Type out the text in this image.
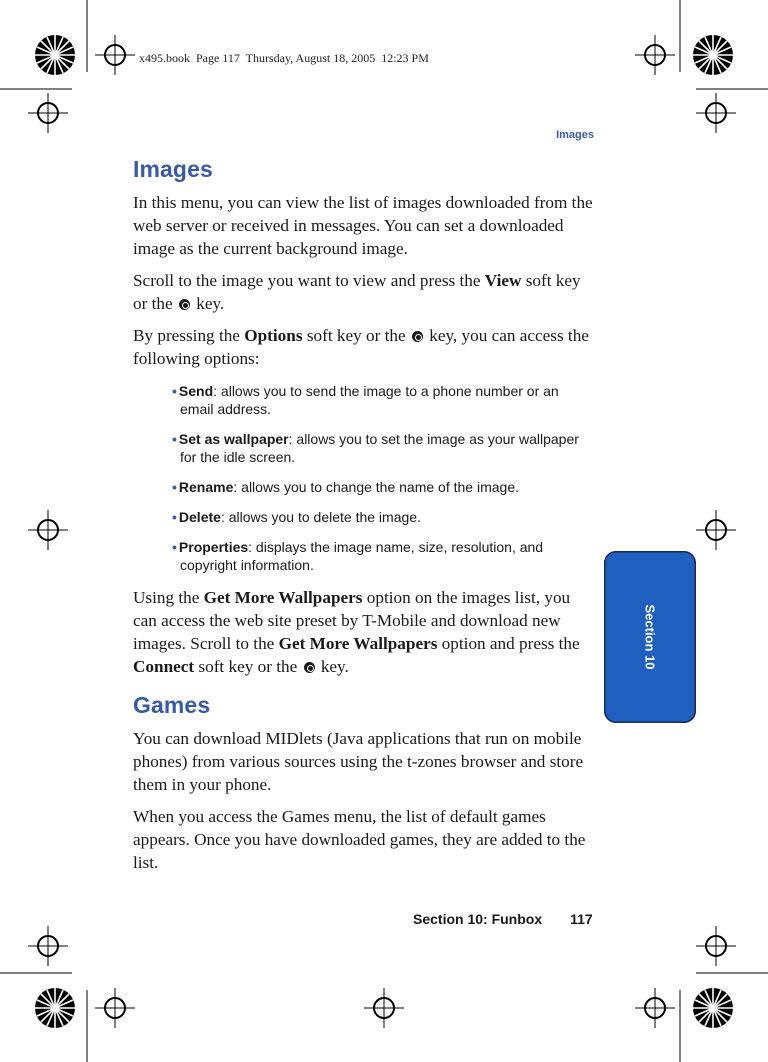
x495.book  Page 117  Thursday, August 18, 2005  12:23 PM
Images
Section 10
Images

In this menu, you can view the list of images downloaded from the web server or received in messages. You can set a downloaded image as the current background image.

Scroll to the image you want to view and press the View soft key or the  key.

By pressing the Options soft key or the  key, you can access the following options:

• Send: allows you to send the image to a phone number or an email address.
• Set as wallpaper: allows you to set the image as your wallpaper for the idle screen.
• Rename: allows you to change the name of the image.
• Delete: allows you to delete the image.
• Properties: displays the image name, size, resolution, and copyright information.

Using the Get More Wallpapers option on the images list, you can access the web site preset by T-Mobile and download new images. Scroll to the Get More Wallpapers option and press the Connect soft key or the  key.

Games

You can download MIDlets (Java applications that run on mobile phones) from various sources using the t-zones browser and store them in your phone.

When you access the Games menu, the list of default games appears. Once you have downloaded games, they are added to the list.

Section 10: Funbox 117
